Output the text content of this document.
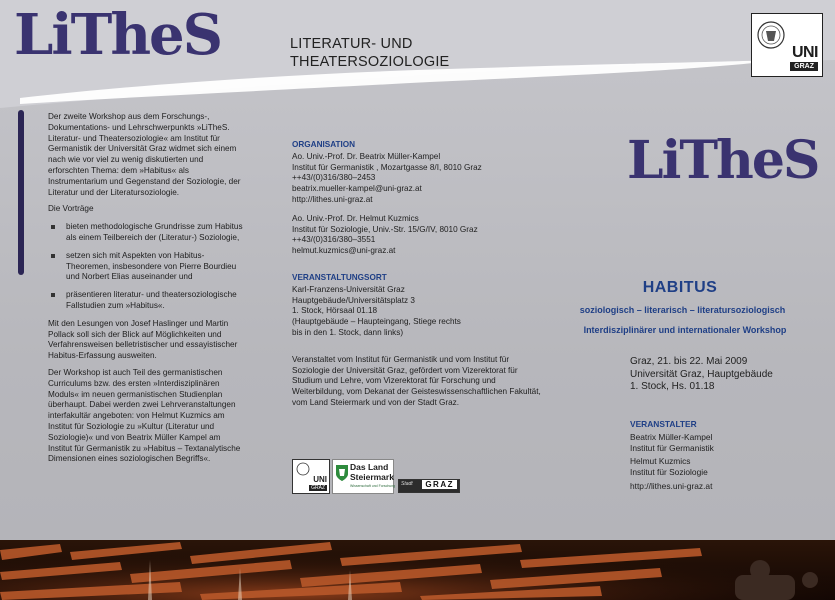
LiTheS	LITERATUR- UND
THEATERSOZIOLOGIE
UNI
GRAZ

Der zweite Workshop aus dem Forschungs-, Dokumentations- und Lehrschwerpunkts »LiTheS. Literatur- und Theatersoziologie« am Institut für Germanistik der Universität Graz widmet sich einem nach wie vor viel zu wenig diskutierten und erforschten Thema: dem »Habitus« als Instrumentarium und Gegenstand der Soziologie, der Literatur und der Literatursoziologie.

Die Vorträge

bieten methodologische Grundrisse zum Habitus als einem Teilbereich der (Literatur-) Soziologie,
setzen sich mit Aspekten von Habitus-Theoremen, insbesondere von Pierre Bourdieu und Norbert Elias auseinander und
präsentieren literatur- und theatersoziologische Fallstudien zum »Habitus«.

Mit den Lesungen von Josef Haslinger und Martin Pollack soll sich der Blick auf Möglichkeiten und Verfahrensweisen belletristischer und essayistischer Habitus-Erfassung ausweiten.

Der Workshop ist auch Teil des germanistischen Curriculums bzw. des ersten »Interdisziplinären Moduls« im neuen germanistischen Studienplan überhaupt. Dabei werden zwei Lehrveranstaltungen interfakultär angeboten: von Helmut Kuzmics am Institut für Soziologie zu »Kultur (Literatur und Soziologie)« und von Beatrix Müller Kampel am Institut für Germanistik zu »Habitus – Textanalytische Dimensionen eines soziologischen Begriffs«.

ORGANISATION
Ao. Univ.-Prof. Dr. Beatrix Müller-Kampel
Institut für Germanistik , Mozartgasse 8/I, 8010 Graz
++43/(0)316/380–2453
beatrix.mueller-kampel@uni-graz.at
http://lithes.uni-graz.at
Ao. Univ.-Prof. Dr. Helmut Kuzmics
Institut für Soziologie, Univ.-Str. 15/G/IV, 8010 Graz
++43/(0)316/380–3551
helmut.kuzmics@uni-graz.at
VERANSTALTUNGSORT
Karl-Franzens-Universität Graz
Hauptgebäude/Universitätsplatz 3
1. Stock, Hörsaal 01.18
(Hauptgebäude – Haupteingang, Stiege rechts
bis in den 1. Stock, dann links)

Veranstaltet vom Institut für Germanistik und vom Institut für Soziologie der Universität Graz, gefördert vom Vizerektorat für Studium und Lehre, vom Vizerektorat für Forschung und Weiterbildung, vom Dekanat der Geisteswissenschaftlichen Fakultät, vom Land Steiermark und von der Stadt Graz.

UNI
GRAZ
Das Land
Steiermark
Wissenschaft und Forschung Stadt	GRAZ
LiTheS
HABITUS
soziologisch – literarisch – literatursoziologisch
Interdisziplinärer und internationaler Workshop
Graz, 21. bis 22. Mai 2009
Universität Graz, Hauptgebäude
1. Stock, Hs. 01.18
VERANSTALTER
Beatrix Müller-Kampel
Institut für Germanistik
Helmut Kuzmics
Institut für Soziologie
http://lithes.uni-graz.at
